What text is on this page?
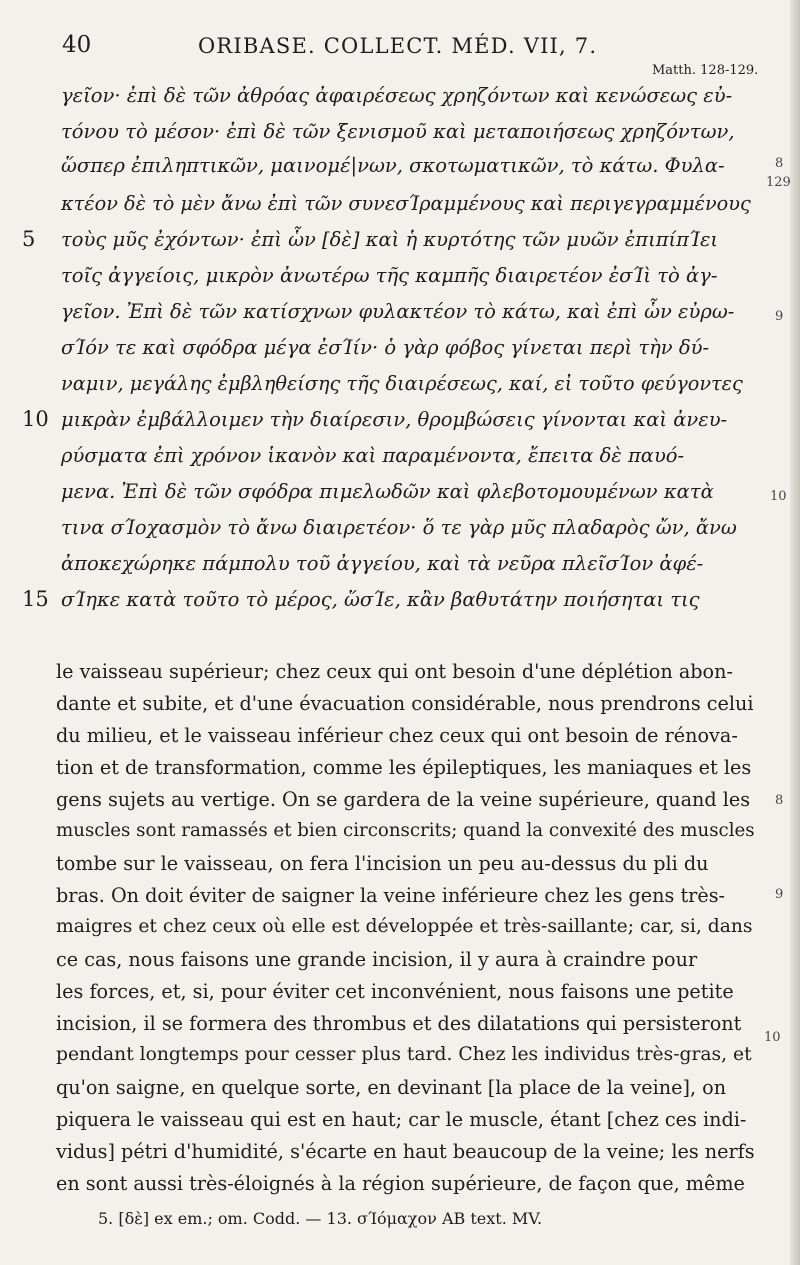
40	ORIBASE. COLLECT. MÉD. VII, 7.
Matth. 128-129.
γεῖον· ἐπὶ δὲ τῶν ἀθρόας ἀφαιρέσεως χρηζόντων καὶ κενώσεως εὐ-
τόνου τὸ μέσον· ἐπὶ δὲ τῶν ξενισμοῦ καὶ μεταποιήσεως χρηζόντων,
ὥσπερ ἐπιληπτικῶν, μαινομέ|νων, σκοτωματικῶν, τὸ κάτω. Φυλα-
κτέον δὲ τὸ μὲν ἄνω ἐπὶ τῶν συνεσΊραμμένους καὶ περιγεγραμμένους
τοὺς μῦς ἐχόντων· ἐπὶ ὧν [δὲ] καὶ ἡ κυρτότης τῶν μυῶν ἐπιπίπΊει
τοῖς ἀγγείοις, μικρὸν ἀνωτέρω τῆς καμπῆς διαιρετέον ἐσΊὶ τὸ ἀγ-
γεῖον. Ἐπὶ δὲ τῶν κατίσχνων φυλακτέον τὸ κάτω, καὶ ἐπὶ ὧν εὐρω-
σΊόν τε καὶ σφόδρα μέγα ἐσΊίν· ὁ γὰρ φόβος γίνεται περὶ τὴν δύ-
ναμιν, μεγάλης ἐμβληθείσης τῆς διαιρέσεως, καί, εἰ τοῦτο φεύγοντες
μικρὰν ἐμβάλλοιμεν τὴν διαίρεσιν, θρομβώσεις γίνονται καὶ ἀνευ-
ρύσματα ἐπὶ χρόνον ἱκανὸν καὶ παραμένοντα, ἔπειτα δὲ παυό-
μενα. Ἐπὶ δὲ τῶν σφόδρα πιμελωδῶν καὶ φλεβοτομουμένων κατὰ
τινα σΊοχασμὸν τὸ ἄνω διαιρετέον· ὅ τε γὰρ μῦς πλαδαρὸς ὤν, ἄνω
ἀποκεχώρηκε πάμπολυ τοῦ ἀγγείου, καὶ τὰ νεῦρα πλεῖσΊον ἀφέ-
σΊηκε κατὰ τοῦτο τὸ μέρος, ὥσΊε, κἂν βαθυτάτην ποιήσηται τις
5
10
15
8
129
9
10
le vaisseau supérieur; chez ceux qui ont besoin d'une déplétion abon-
dante et subite, et d'une évacuation considérable, nous prendrons celui
du milieu, et le vaisseau inférieur chez ceux qui ont besoin de rénova-
tion et de transformation, comme les épileptiques, les maniaques et les
gens sujets au vertige. On se gardera de la veine supérieure, quand les
muscles sont ramassés et bien circonscrits; quand la convexité des muscles
tombe sur le vaisseau, on fera l'incision un peu au-dessus du pli du
bras. On doit éviter de saigner la veine inférieure chez les gens très-
maigres et chez ceux où elle est développée et très-saillante; car, si, dans
ce cas, nous faisons une grande incision, il y aura à craindre pour
les forces, et, si, pour éviter cet inconvénient, nous faisons une petite
incision, il se formera des thrombus et des dilatations qui persisteront
pendant longtemps pour cesser plus tard. Chez les individus très-gras, et
qu'on saigne, en quelque sorte, en devinant [la place de la veine], on
piquera le vaisseau qui est en haut; car le muscle, étant [chez ces indi-
vidus] pétri d'humidité, s'écarte en haut beaucoup de la veine; les nerfs
en sont aussi très-éloignés à la région supérieure, de façon que, même
8
9
10
5. [δὲ] ex em.; om. Codd. — 13. σΊόμαχον AB text. MV.
